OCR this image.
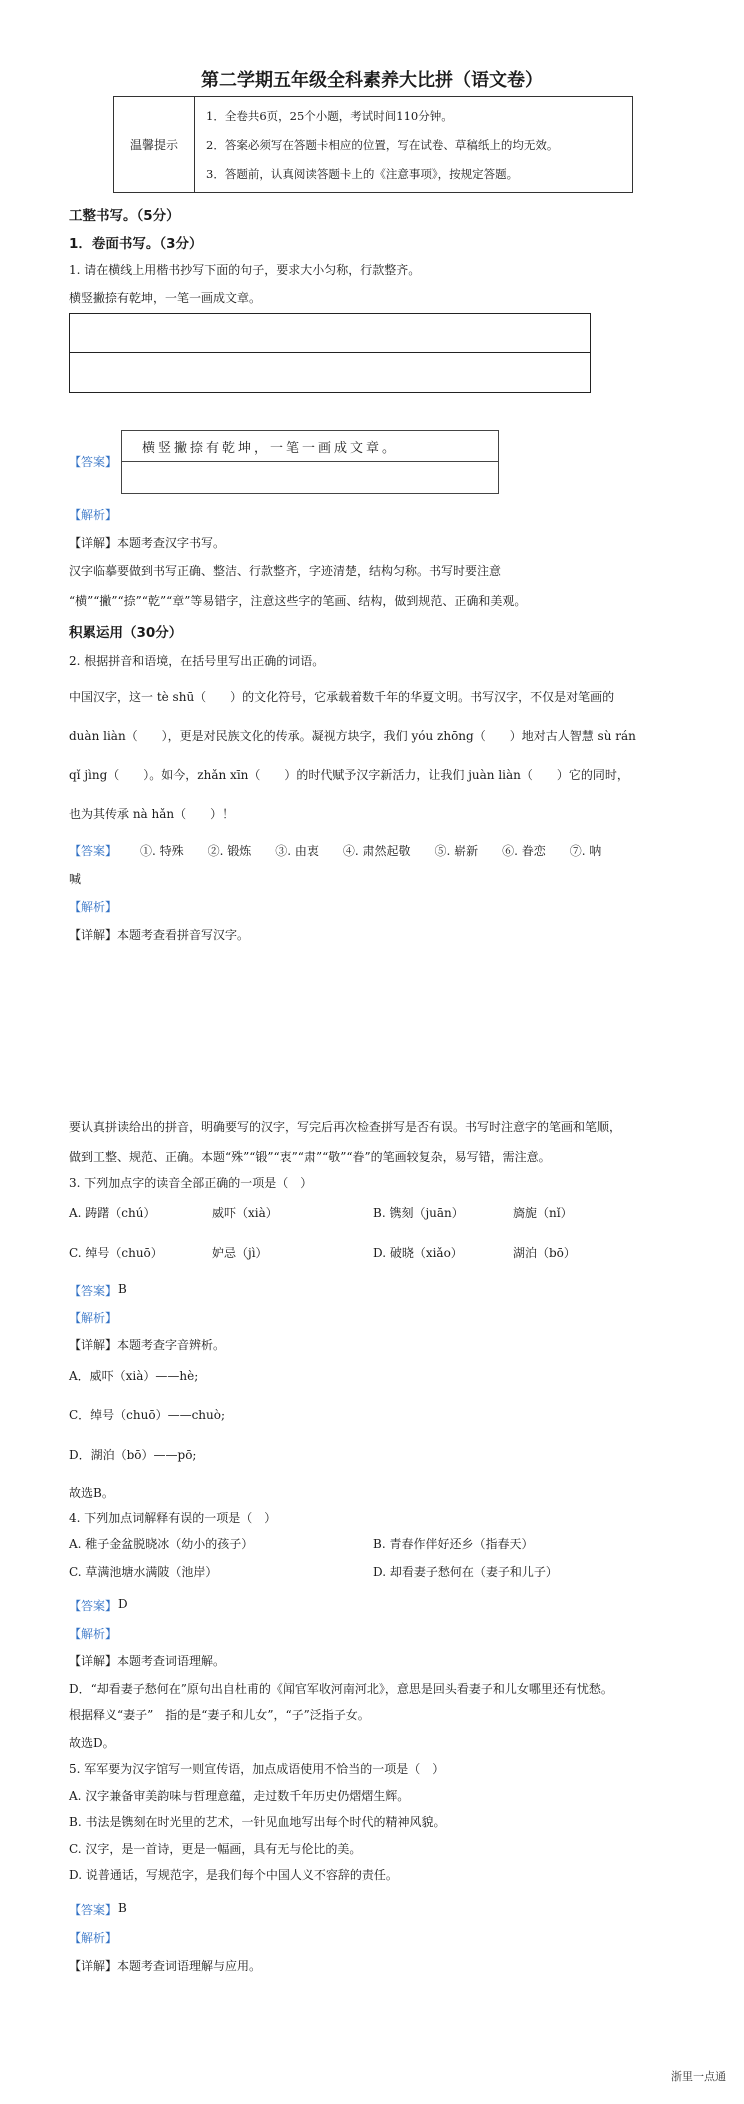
第二学期五年级全科素养大比拼（语文卷）
温馨提示
1．全卷共6页，25个小题，考试时间110分钟。
2．答案必须写在答题卡相应的位置，写在试卷、草稿纸上的均无效。
3．答题前，认真阅读答题卡上的《注意事项》，按规定答题。
工整书写。（5分）
1．卷面书写。（3分）
1. 请在横线上用楷书抄写下面的句子，要求大小匀称，行款整齐。
横竖撇捺有乾坤，一笔一画成文章。
【答案】
横竖撇捺有乾坤，一笔一画成文章。
【解析】
【详解】本题考查汉字书写。
汉字临摹要做到书写正确、整洁、行款整齐，字迹清楚，结构匀称。书写时要注意
“横”“撇”“捺”“乾”“章”等易错字，注意这些字的笔画、结构，做到规范、正确和美观。
积累运用（30分）
2. 根据拼音和语境，在括号里写出正确的词语。
中国汉字，这一 tè shū（　　）的文化符号，它承载着数千年的华夏文明。书写汉字，不仅是对笔画的
duàn liàn（　　），更是对民族文化的传承。凝视方块字，我们 yóu zhōng（　　）地对古人智慧 sù rán
qǐ jìng（　　）。如今，zhǎn xīn（　　）的时代赋予汉字新活力，让我们 juàn liàn（　　）它的同时，
也为其传承 nà hǎn（　　）！
【答案】 ①. 特殊　　②. 锻炼　　③. 由衷　　④. 肃然起敬　　⑤. 崭新　　⑥. 眷恋　　⑦. 呐
喊
【解析】
【详解】本题考查看拼音写汉字。
要认真拼读给出的拼音，明确要写的汉字，写完后再次检查拼写是否有误。书写时注意字的笔画和笔顺，
做到工整、规范、正确。本题“殊”“锻”“衷”“肃”“敬”“眷”的笔画较复杂，易写错，需注意。
3. 下列加点字的读音全部正确的一项是（　）
A. 踌躇（chú）	威吓（xià）	B. 镌刻（juān）	旖旎（nǐ）
C. 绰号（chuō）	妒忌（jì）	D. 破晓（xiǎo）	湖泊（bō）
【答案】 B
【解析】
【详解】本题考查字音辨析。
A．威吓（xià）——hè;
C．绰号（chuō）——chuò;
D．湖泊（bō）——pō;
故选B。
4. 下列加点词解释有误的一项是（　）
A. 稚子金盆脱晓冰（幼小的孩子）	B. 青春作伴好还乡（指春天）
C. 草满池塘水满陂（池岸）	D. 却看妻子愁何在（妻子和儿子）
【答案】 D
【解析】
【详解】本题考查词语理解。
D．“却看妻子愁何在”原句出自杜甫的《闻官军收河南河北》，意思是回头看妻子和儿女哪里还有忧愁。
根据释义“妻子”　指的是“妻子和儿女”，“子”泛指子女。
故选D。
5. 军军要为汉字馆写一则宣传语，加点成语使用不恰当的一项是（　）
A. 汉字兼备审美韵味与哲理意蕴，走过数千年历史仍熠熠生辉。
B. 书法是镌刻在时光里的艺术，一针见血地写出每个时代的精神风貌。
C. 汉字，是一首诗，更是一幅画，具有无与伦比的美。
D. 说普通话，写规范字，是我们每个中国人义不容辞的责任。
【答案】 B
【解析】
【详解】本题考查词语理解与应用。
浙里一点通
